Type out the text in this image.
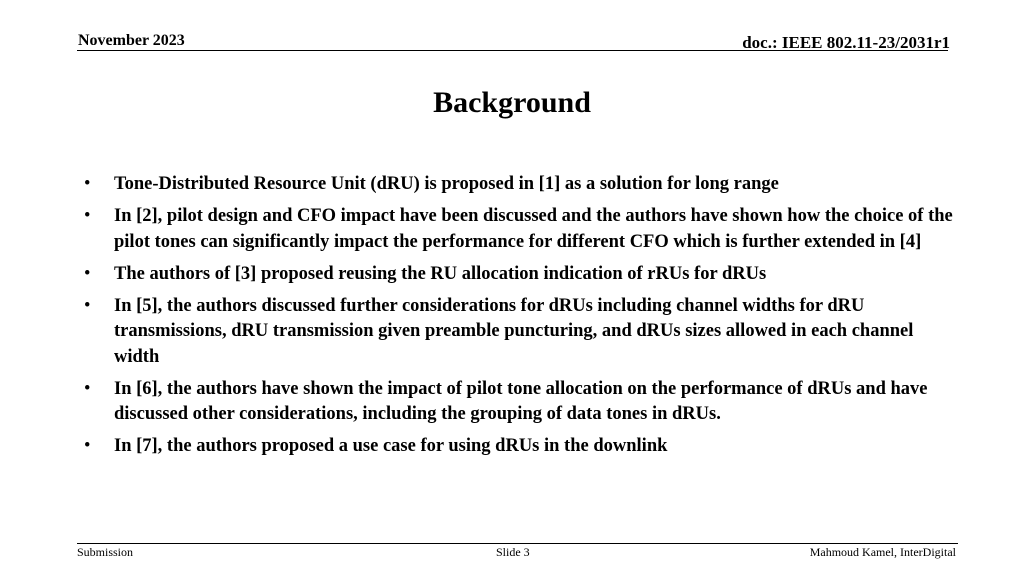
November 2023	doc.: IEEE 802.11-23/2031r1
Background
• Tone-Distributed Resource Unit (dRU) is proposed in [1] as a solution for long range
• In [2], pilot design and CFO impact have been discussed and the authors have shown how the choice of the pilot tones can significantly impact the performance for different CFO which is further extended in [4]
• The authors of [3] proposed reusing the RU allocation indication of rRUs for dRUs
• In [5], the authors discussed further considerations for dRUs including channel widths for dRU transmissions, dRU transmission given preamble puncturing, and dRUs sizes allowed in each channel width
• In [6], the authors have shown the impact of pilot tone allocation on the performance of dRUs and have discussed other considerations, including the grouping of data tones in dRUs.
• In [7], the authors proposed a use case for using dRUs in the downlink
Submission	Slide 3	Mahmoud Kamel, InterDigital
